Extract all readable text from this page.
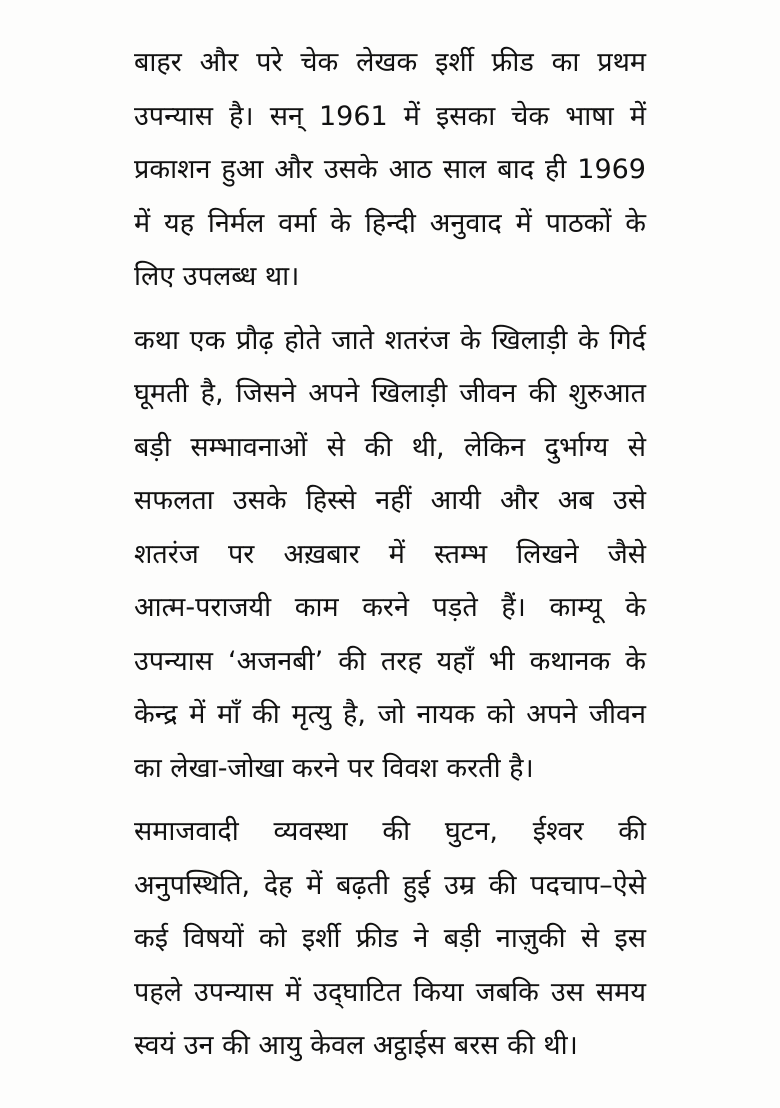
बाहर और परे चेक लेखक इर्शी फ्रीड का प्रथम
उपन्यास है। सन् 1961 में इसका चेक भाषा में
प्रकाशन हुआ और उसके आठ साल बाद ही 1969
में यह निर्मल वर्मा के हिन्दी अनुवाद में पाठकों के
लिए उपलब्ध था।

कथा एक प्रौढ़ होते जाते शतरंज के खिलाड़ी के गिर्द
घूमती है, जिसने अपने खिलाड़ी जीवन की शुरुआत
बड़ी सम्भावनाओं से की थी, लेकिन दुर्भाग्य से
सफलता उसके हिस्से नहीं आयी और अब उसे
शतरंज पर अख़बार में स्तम्भ लिखने जैसे
आत्म-पराजयी काम करने पड़ते हैं। काम्यू के
उपन्यास ‘अजनबी’ की तरह यहाँ भी कथानक के
केन्द्र में माँ की मृत्यु है, जो नायक को अपने जीवन
का लेखा-जोखा करने पर विवश करती है।

समाजवादी व्यवस्था की घुटन, ईश्वर की
अनुपस्थिति, देह में बढ़ती हुई उम्र की पदचाप–ऐसे
कई विषयों को इर्शी फ्रीड ने बड़ी नाज़ुकी से इस
पहले उपन्यास में उद्‌घाटित किया जबकि उस समय
स्वयं उन की आयु केवल अट्ठाईस बरस की थी।
